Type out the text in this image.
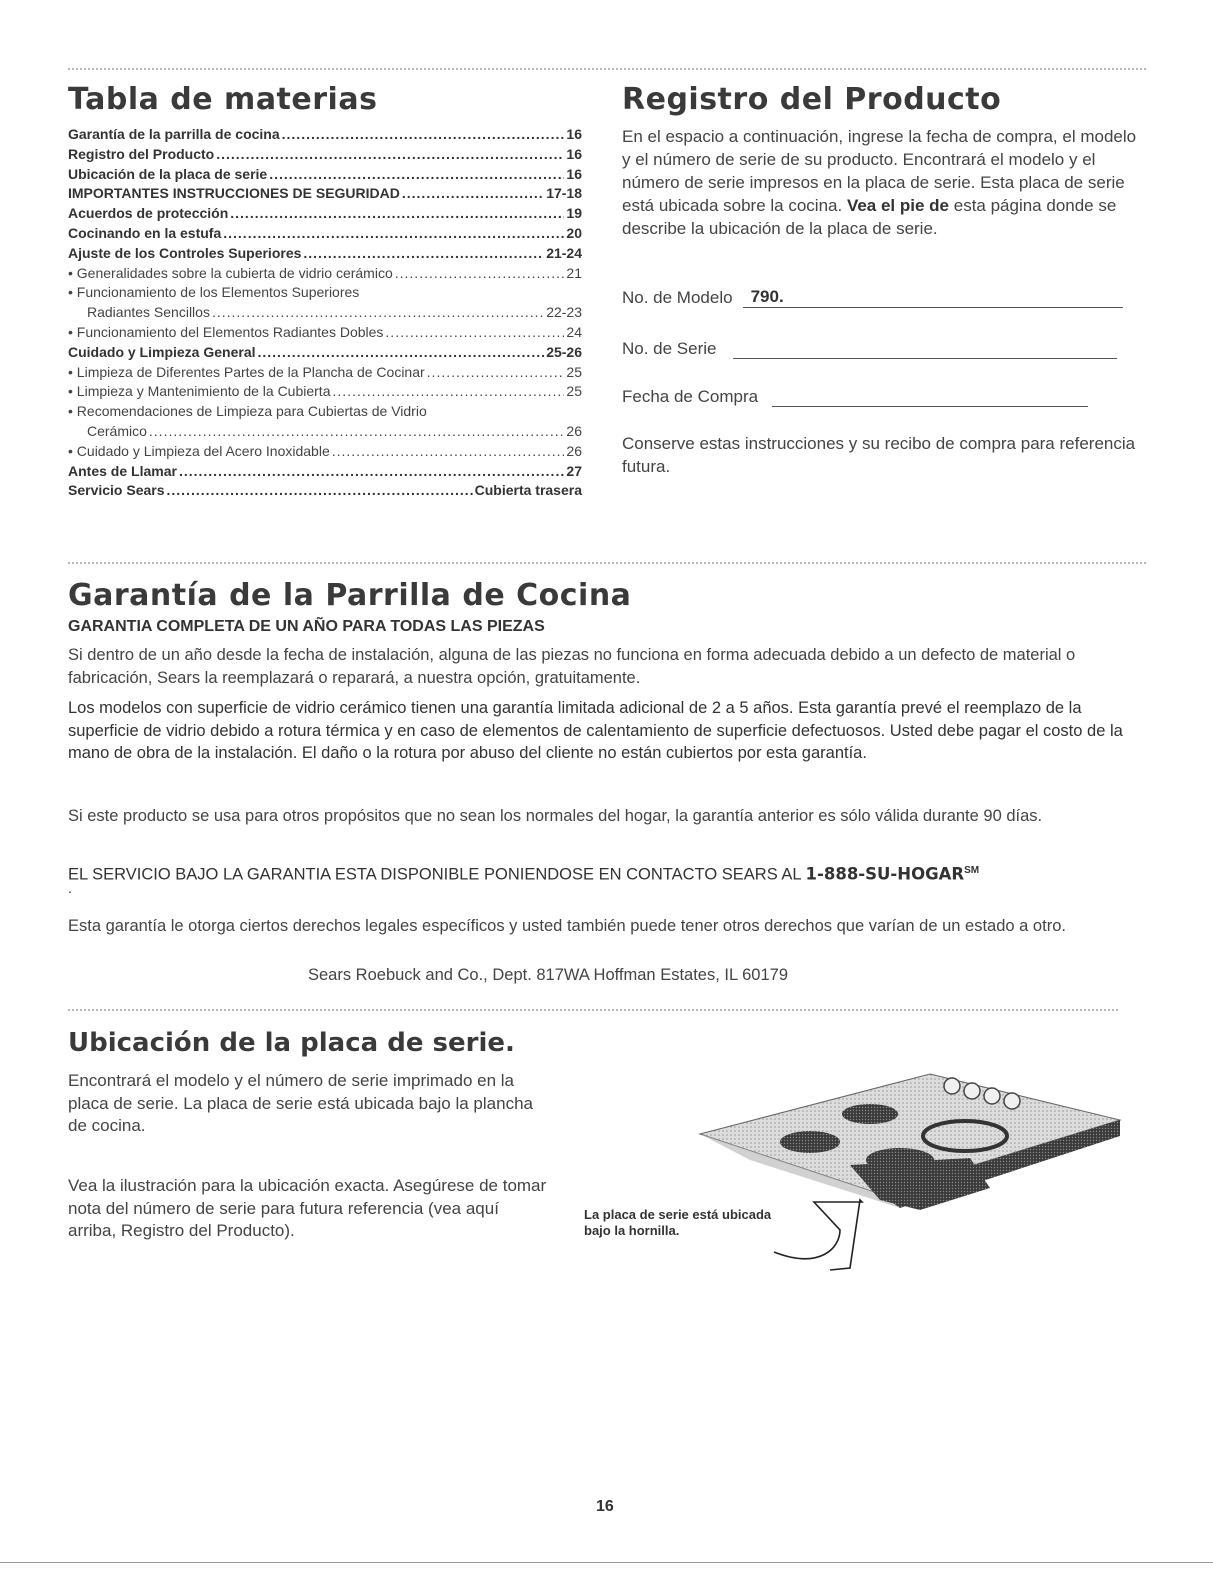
Tabla de materias
Garantía de la parrilla de cocina .....	16
Registro del Producto .....	16
Ubicación de la placa de serie .....	16
IMPORTANTES INSTRUCCIONES DE SEGURIDAD .....	17-18
Acuerdos de protección .....	19
Cocinando en la estufa .....	20
Ajuste de los Controles Superiores .....	21-24
• Generalidades sobre la cubierta de vidrio cerámico .....	21
• Funcionamiento de los Elementos Superiores
Radiantes Sencillos .....	22-23
• Funcionamiento del Elementos Radiantes Dobles .....	24
Cuidado y Limpieza General .....	25-26
• Limpieza de Diferentes Partes de la Plancha de Cocinar .....	25
• Limpieza y Mantenimiento de la Cubierta .....	25
• Recomendaciones de Limpieza para Cubiertas de Vidrio
Cerámico .....	26
• Cuidado y Limpieza del Acero Inoxidable .....	26
Antes de Llamar .....	27
Servicio Sears .....	Cubierta trasera
Registro del Producto

En el espacio a continuación, ingrese la fecha de compra, el modelo y el número de serie de su producto. Encontrará el modelo y el número de serie impresos en la placa de serie. Esta placa de serie está ubicada sobre la cocina. Vea el pie de esta página donde se describe la ubicación de la placa de serie.

No. de Modelo	790.
No. de Serie
Fecha de Compra

Conserve estas instrucciones y su recibo de compra para referencia futura.

Garantía de la Parrilla de Cocina
GARANTIA COMPLETA DE UN AÑO PARA TODAS LAS PIEZAS

Si dentro de un año desde la fecha de instalación, alguna de las piezas no funciona en forma adecuada debido a un defecto de material o fabricación, Sears la reemplazará o reparará, a nuestra opción, gratuitamente.

Los modelos con superficie de vidrio cerámico tienen una garantía limitada adicional de 2 a 5 años. Esta garantía prevé el reemplazo de la superficie de vidrio debido a rotura térmica y en caso de elementos de calentamiento de superficie defectuosos. Usted debe pagar el costo de la mano de obra de la instalación. El daño o la rotura por abuso del cliente no están cubiertos por esta garantía.

Si este producto se usa para otros propósitos que no sean los normales del hogar, la garantía anterior es sólo válida durante 90 días.

EL SERVICIO BAJO LA GARANTIA ESTA DISPONIBLE PONIENDOSE EN CONTACTO SEARS AL 1-888-SU-HOGAR℠
.

Esta garantía le otorga ciertos derechos legales específicos y usted también puede tener otros derechos que varían de un estado a otro.

Sears Roebuck and Co., Dept. 817WA Hoffman Estates, IL 60179
Ubicación de la placa de serie.

Encontrará el modelo y el número de serie imprimado en la placa de serie. La placa de serie está ubicada bajo la plancha de cocina.

Vea la ilustración para la ubicación exacta. Asegúrese de tomar nota del número de serie para futura referencia (vea aquí arriba, Registro del Producto).

La placa de serie está ubicada bajo la hornilla.

16
